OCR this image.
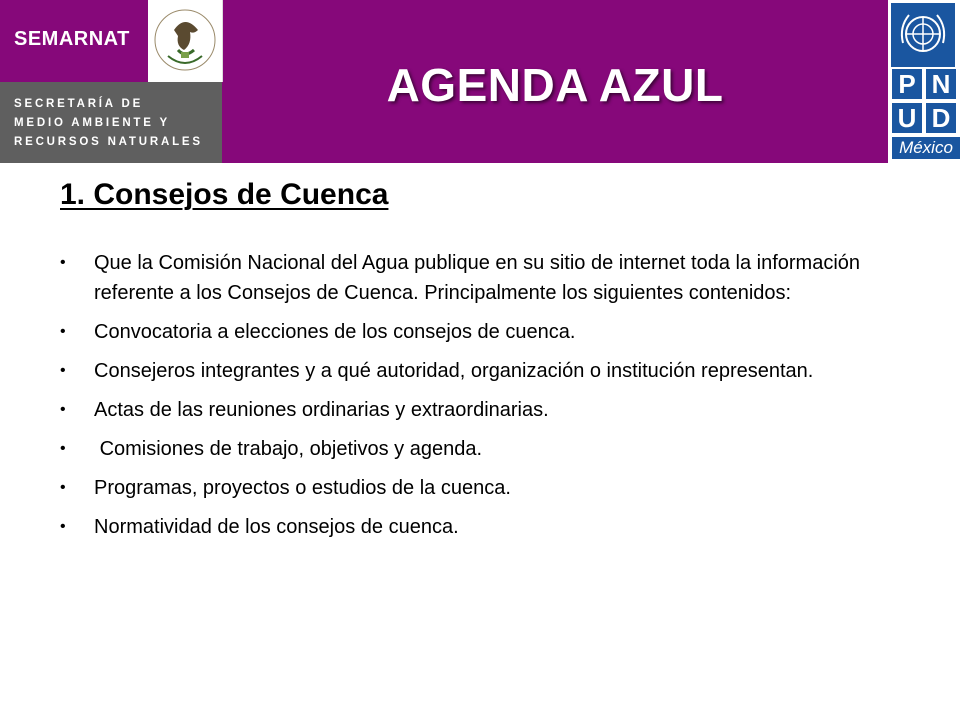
SEMARNAT
SECRETARÍA DE
MEDIO AMBIENTE Y
RECURSOS NATURALES
AGENDA AZUL	P N
U D
México
1. Consejos de Cuenca
• Que la Comisión Nacional del Agua publique en su sitio de internet toda la información referente a los Consejos de Cuenca. Principalmente los siguientes contenidos:
• Convocatoria a elecciones de los consejos de cuenca.
• Consejeros integrantes y a qué autoridad, organización o institución representan.
• Actas de las reuniones ordinarias y extraordinarias.
• Comisiones de trabajo, objetivos y agenda.
• Programas, proyectos o estudios de la cuenca.
• Normatividad de los consejos de cuenca.
